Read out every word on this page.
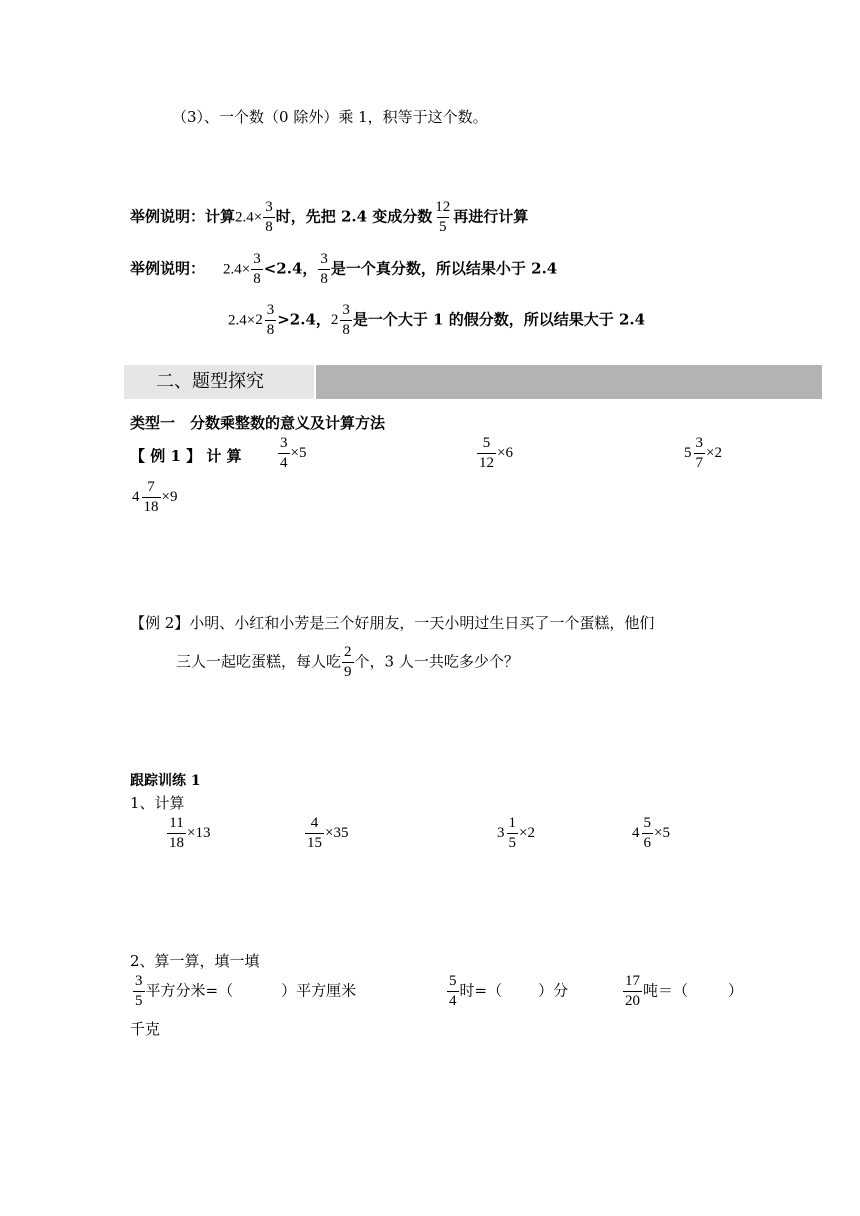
（3）、一个数（0 除外）乘 1，积等于这个数。
举例说明：计算$2.4\times \frac{3}{8}$ 时，先把 2.4 变成分数 $\frac{12}{5}$ 再进行计算
举例说明： $2.4\times \frac{3}{8} <2.4$， $\frac{3}{8}$ 是一个真分数，所以结果小于 2.4
$2.4\times 2 \frac{3}{8} >2.4$， $2 \frac{3}{8}$ 是一个大于 1 的假分数，所以结果大于 2.4
二、题型探究
类型一　分数乘整数的意义及计算方法
【 例 1 】 计 算 $\frac{3}{4} \times 5$	$\frac{5}{12} \times 6$	$5 \frac{3}{7} \times 2$
$4 \frac{7}{18} \times 9$
【例 2】小明、小红和小芳是三个好朋友，一天小明过生日买了一个蛋糕，他们
三人一起吃蛋糕，每人吃 $\frac{2}{9}$ 个，3 人一共吃多少个？
跟踪训练 1
1、计算
$\frac{11}{18} \times 13$	$\frac{4}{15} \times 35$	$3 \frac{1}{5} \times 2$	$4 \frac{5}{6} \times 5$
2、算一算，填一填
$\frac{3}{5}$ 平方分米=（	）平方厘米	$\frac{5}{4}$ 时=（ ）分	$\frac{17}{20}$ 吨＝（	）
千克
